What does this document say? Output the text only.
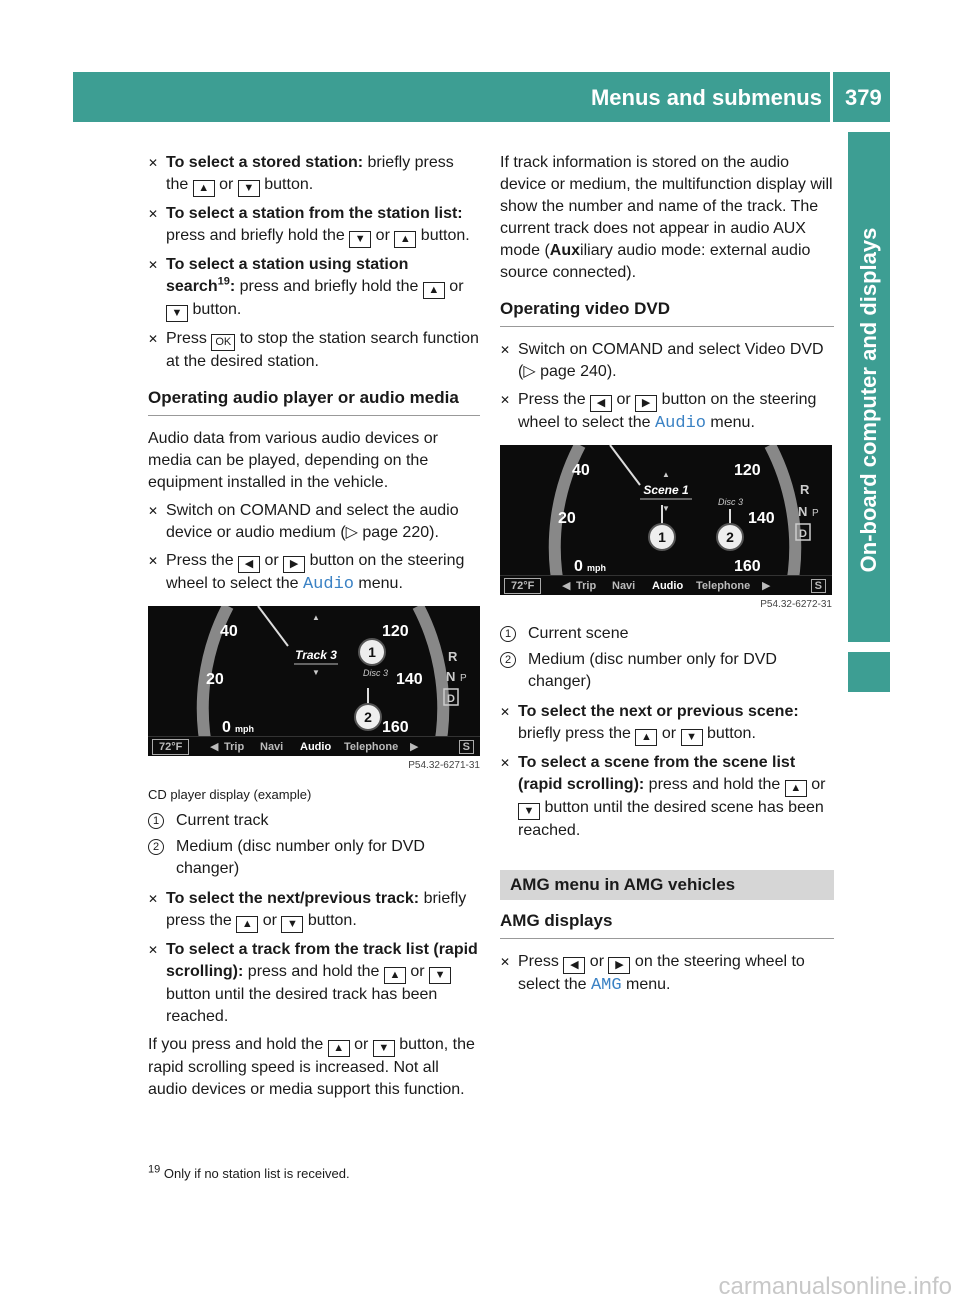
Menus and submenus 379
On-board computer and displays
✕ To select a stored station: briefly press the ▲ or ▼ button.

✕ To select a station from the station list: press and briefly hold the ▼ or ▲ button.

✕ To select a station using station search$^{19}$: press and briefly hold the ▲ or ▼ button.

✕ Press OK to stop the station search function at the desired station.

Operating audio player or audio media

Audio data from various audio devices or media can be played, depending on the equipment installed in the vehicle.

✕ Switch on COMAND and select the audio device or audio medium (▷ page 220).

✕ Press the ◀ or ▶ button on the steering wheel to select the Audio menu.

40
20
0 mph
120
140
160
▲
Track 3
▼	Disc 3
1
2
R
N P
D
72°F	◀ Trip Navi Audio Telephone ▶	S
P54.32-6271-31

CD player display (example)

1	Current track
2	Medium (disc number only for DVD changer)
✕ To select the next/previous track: briefly press the ▲ or ▼ button.

✕ To select a track from the track list (rapid scrolling): press and hold the ▲ or ▼ button until the desired track has been reached.

If you press and hold the ▲ or ▼ button, the rapid scrolling speed is increased. Not all audio devices or media support this function.

If track information is stored on the audio device or medium, the multifunction display will show the number and name of the track. The current track does not appear in audio AUX mode (Auxiliary audio mode: external audio source connected).

Operating video DVD
✕ Switch on COMAND and select Video DVD (▷ page 240).

✕ Press the ◀ or ▶ button on the steering wheel to select the Audio menu.

40
20
0 mph
120
140
160
▲
Scene 1
▼
Disc 3
1	2
R
N P
D
72°F	◀ Trip Navi Audio Telephone ▶	S
P54.32-6272-31
1	Current scene
2	Medium (disc number only for DVD changer)
✕ To select the next or previous scene: briefly press the ▲ or ▼ button.

✕ To select a scene from the scene list (rapid scrolling): press and hold the ▲ or ▼ button until the desired scene has been reached.

AMG menu in AMG vehicles
AMG displays
✕ Press ◀ or ▶ on the steering wheel to select the AMG menu.

$^{19}$ Only if no station list is received.
carmanualsonline.info
